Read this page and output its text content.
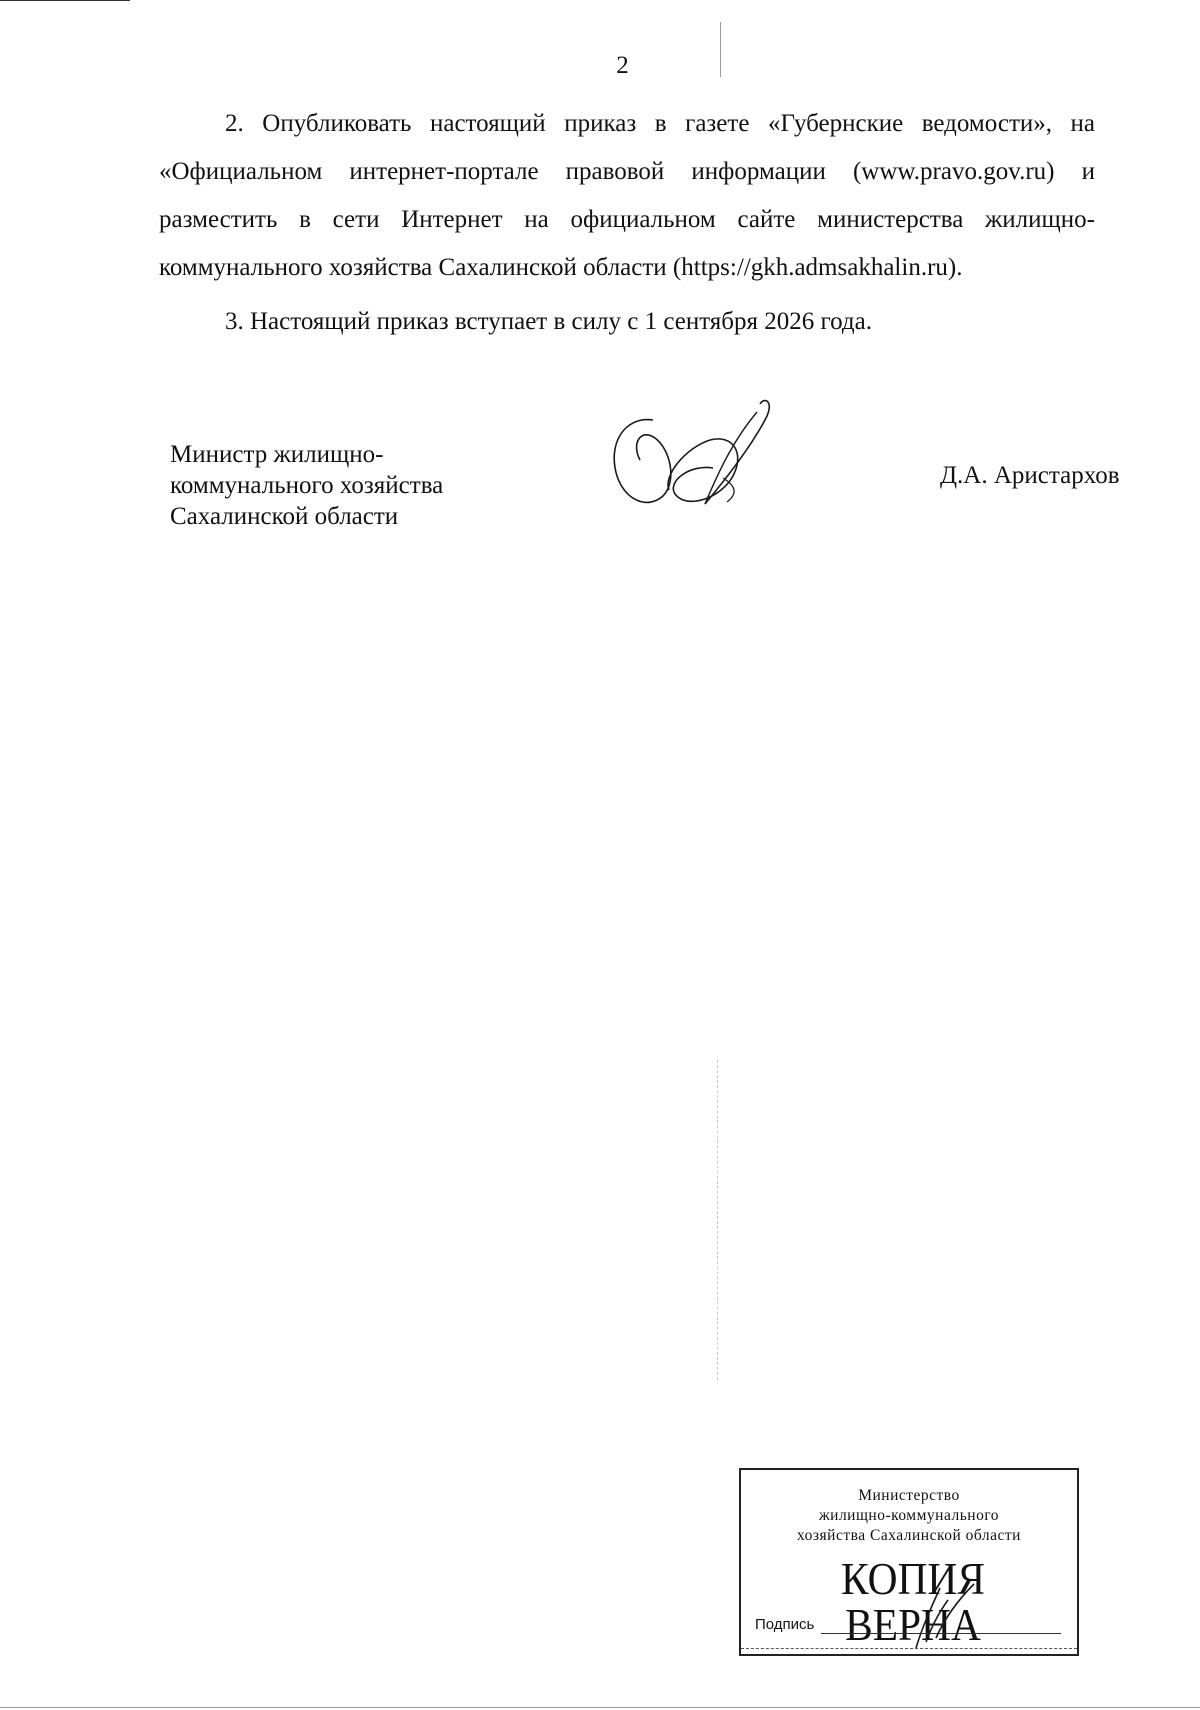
2

2. Опубликовать настоящий приказ в газете «Губернские ведомости», на «Официальном интернет-портале правовой информации (www.pravo.gov.ru) и разместить в сети Интернет на официальном сайте министерства жилищно-коммунального хозяйства Сахалинской области (https://gkh.admsakhalin.ru).

3. Настоящий приказ вступает в силу с 1 сентября 2026 года.

Министр жилищно-
коммунального хозяйства
Сахалинской области

Д.А. Аристархов

Министерство
жилищно-коммунального
хозяйства Сахалинской области
КОПИЯ ВЕРНА
Подпись
